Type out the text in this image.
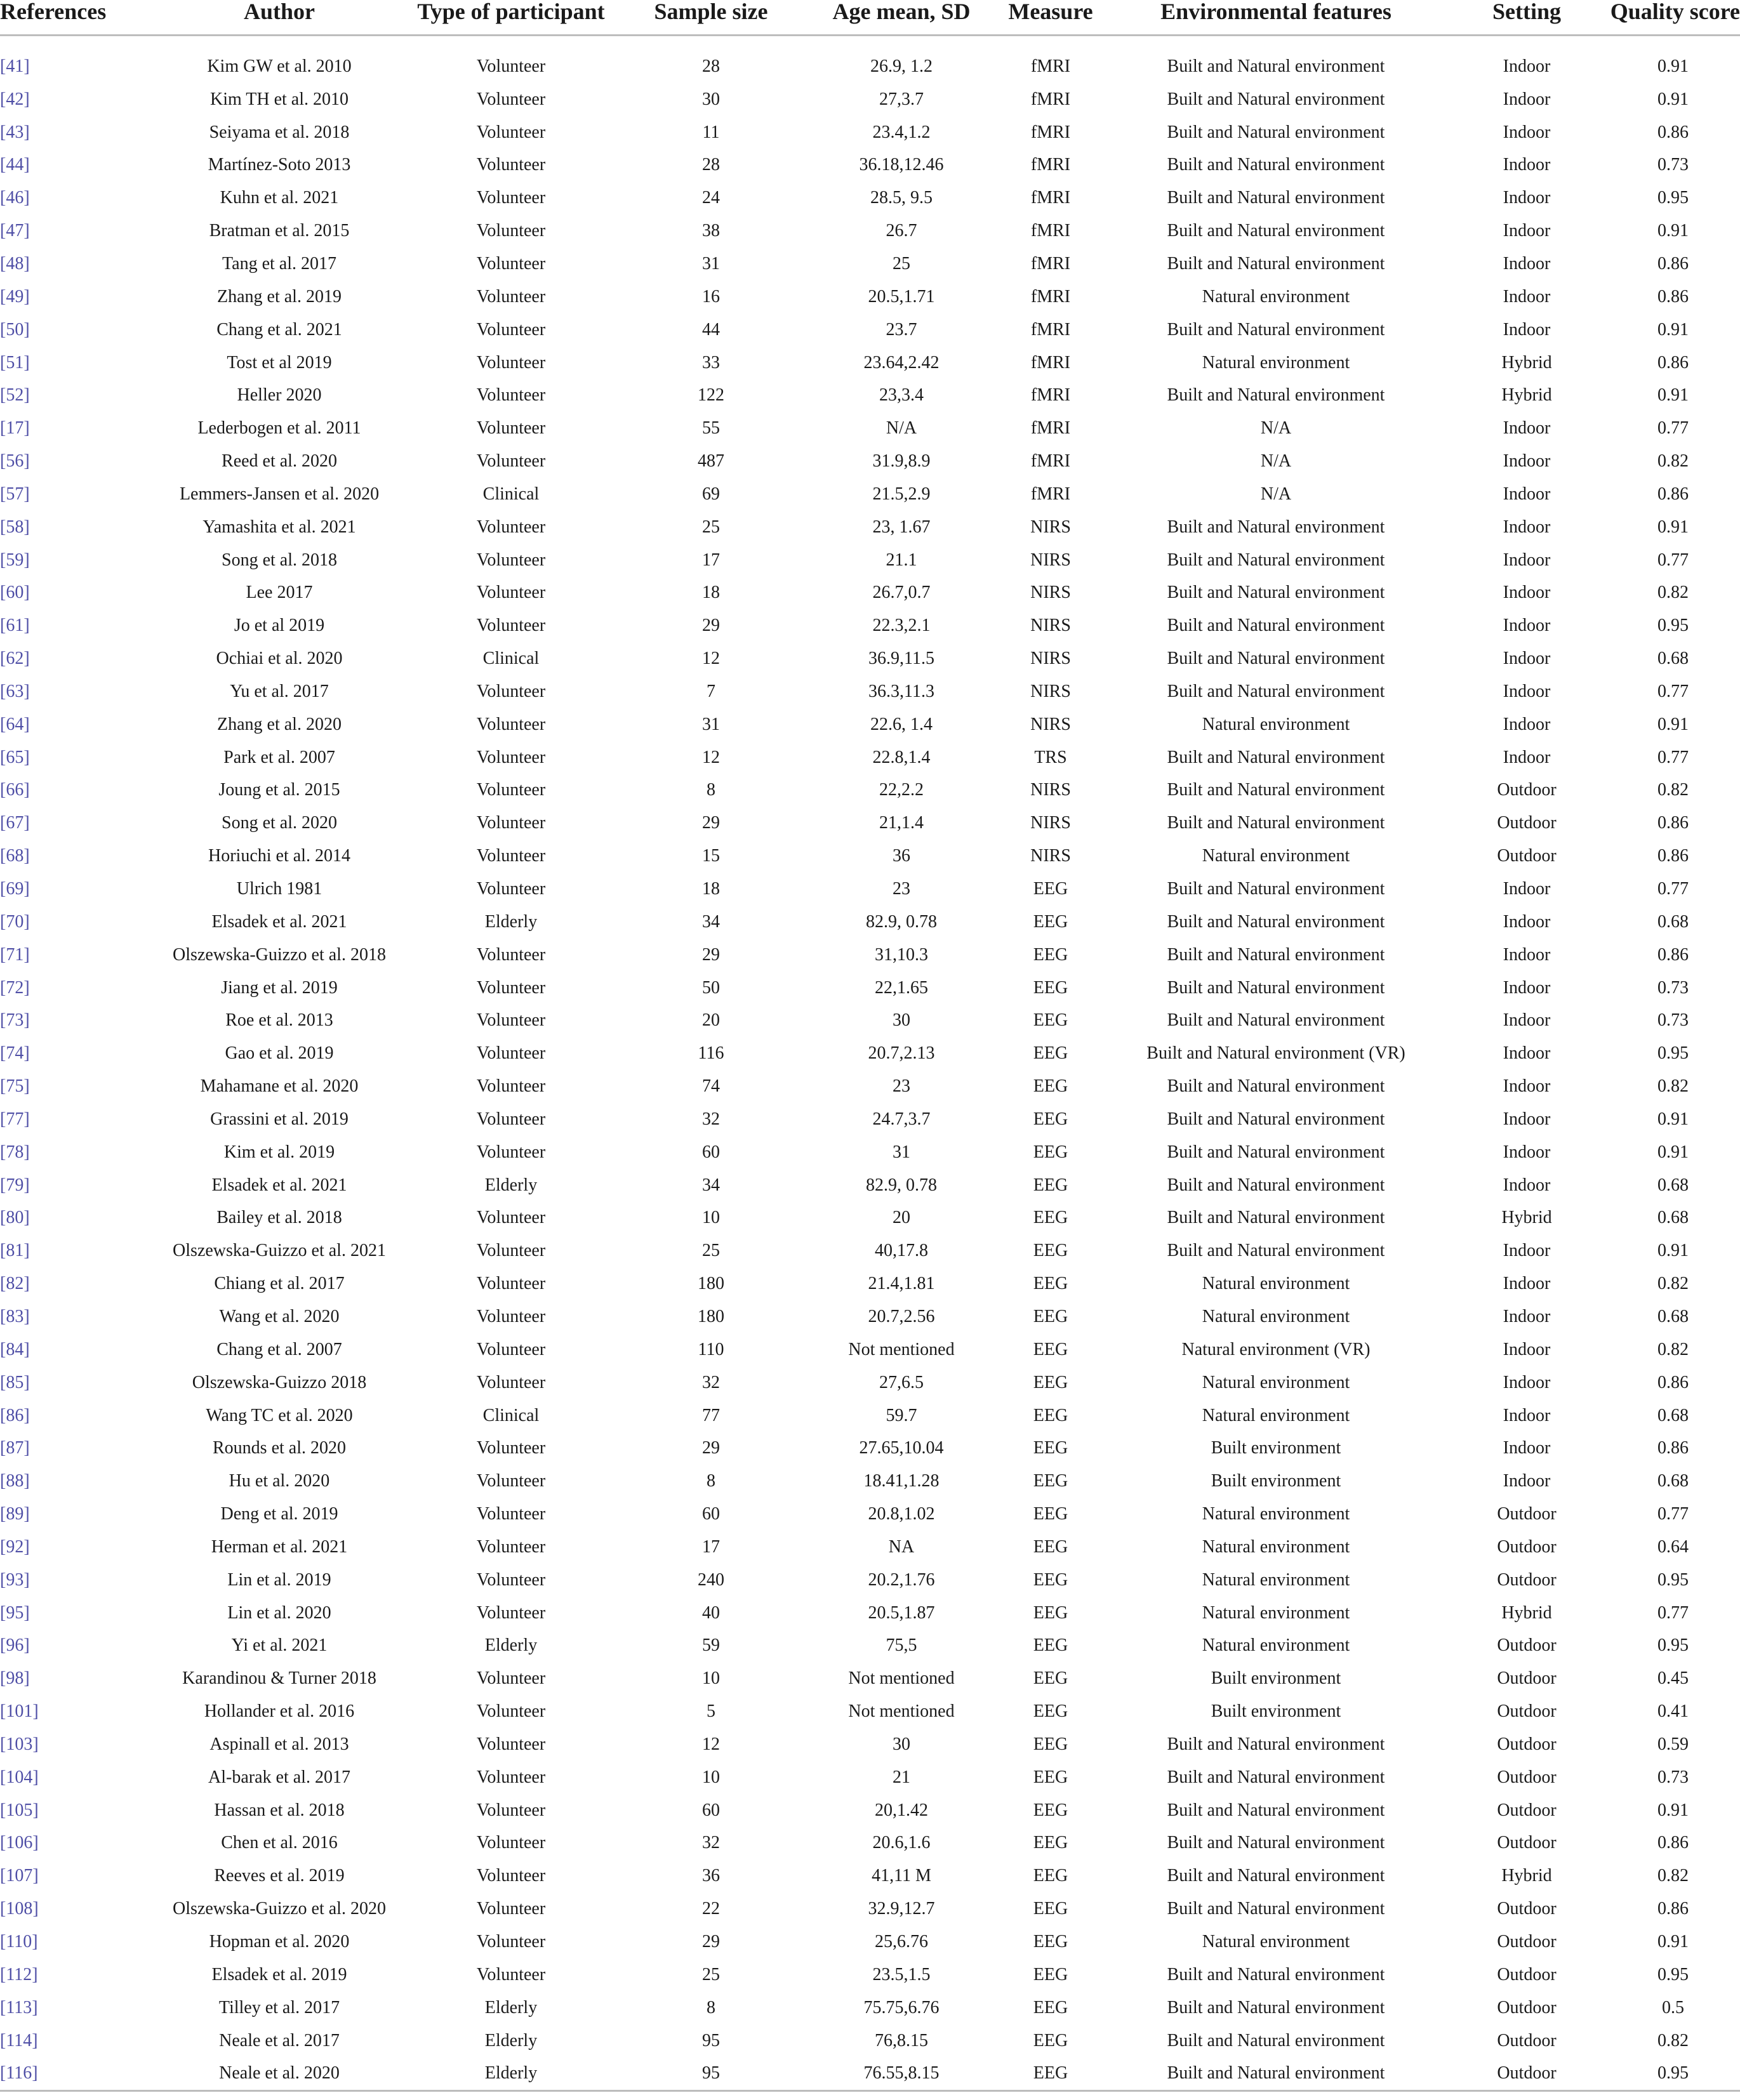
References	Author	Type of participant	Sample size	Age mean, SD	Measure	Environmental features	Setting	Quality score

[41]	Kim GW et al. 2010	Volunteer	28	26.9, 1.2	fMRI	Built and Natural environment	Indoor	0.91
[42]	Kim TH et al. 2010	Volunteer	30	27,3.7	fMRI	Built and Natural environment	Indoor	0.91
[43]	Seiyama et al. 2018	Volunteer	11	23.4,1.2	fMRI	Built and Natural environment	Indoor	0.86
[44]	Martínez-Soto 2013	Volunteer	28	36.18,12.46	fMRI	Built and Natural environment	Indoor	0.73
[46]	Kuhn et al. 2021	Volunteer	24	28.5, 9.5	fMRI	Built and Natural environment	Indoor	0.95
[47]	Bratman et al. 2015	Volunteer	38	26.7	fMRI	Built and Natural environment	Indoor	0.91
[48]	Tang et al. 2017	Volunteer	31	25	fMRI	Built and Natural environment	Indoor	0.86
[49]	Zhang et al. 2019	Volunteer	16	20.5,1.71	fMRI	Natural environment	Indoor	0.86
[50]	Chang et al. 2021	Volunteer	44	23.7	fMRI	Built and Natural environment	Indoor	0.91
[51]	Tost et al 2019	Volunteer	33	23.64,2.42	fMRI	Natural environment	Hybrid	0.86
[52]	Heller 2020	Volunteer	122	23,3.4	fMRI	Built and Natural environment	Hybrid	0.91
[17]	Lederbogen et al. 2011	Volunteer	55	N/A	fMRI	N/A	Indoor	0.77
[56]	Reed et al. 2020	Volunteer	487	31.9,8.9	fMRI	N/A	Indoor	0.82
[57]	Lemmers-Jansen et al. 2020	Clinical	69	21.5,2.9	fMRI	N/A	Indoor	0.86
[58]	Yamashita et al. 2021	Volunteer	25	23, 1.67	NIRS	Built and Natural environment	Indoor	0.91
[59]	Song et al. 2018	Volunteer	17	21.1	NIRS	Built and Natural environment	Indoor	0.77
[60]	Lee 2017	Volunteer	18	26.7,0.7	NIRS	Built and Natural environment	Indoor	0.82
[61]	Jo et al 2019	Volunteer	29	22.3,2.1	NIRS	Built and Natural environment	Indoor	0.95
[62]	Ochiai et al. 2020	Clinical	12	36.9,11.5	NIRS	Built and Natural environment	Indoor	0.68
[63]	Yu et al. 2017	Volunteer	7	36.3,11.3	NIRS	Built and Natural environment	Indoor	0.77
[64]	Zhang et al. 2020	Volunteer	31	22.6, 1.4	NIRS	Natural environment	Indoor	0.91
[65]	Park et al. 2007	Volunteer	12	22.8,1.4	TRS	Built and Natural environment	Indoor	0.77
[66]	Joung et al. 2015	Volunteer	8	22,2.2	NIRS	Built and Natural environment	Outdoor	0.82
[67]	Song et al. 2020	Volunteer	29	21,1.4	NIRS	Built and Natural environment	Outdoor	0.86
[68]	Horiuchi et al. 2014	Volunteer	15	36	NIRS	Natural environment	Outdoor	0.86
[69]	Ulrich 1981	Volunteer	18	23	EEG	Built and Natural environment	Indoor	0.77
[70]	Elsadek et al. 2021	Elderly	34	82.9, 0.78	EEG	Built and Natural environment	Indoor	0.68
[71]	Olszewska-Guizzo et al. 2018	Volunteer	29	31,10.3	EEG	Built and Natural environment	Indoor	0.86
[72]	Jiang et al. 2019	Volunteer	50	22,1.65	EEG	Built and Natural environment	Indoor	0.73
[73]	Roe et al. 2013	Volunteer	20	30	EEG	Built and Natural environment	Indoor	0.73
[74]	Gao et al. 2019	Volunteer	116	20.7,2.13	EEG	Built and Natural environment (VR)	Indoor	0.95
[75]	Mahamane et al. 2020	Volunteer	74	23	EEG	Built and Natural environment	Indoor	0.82
[77]	Grassini et al. 2019	Volunteer	32	24.7,3.7	EEG	Built and Natural environment	Indoor	0.91
[78]	Kim et al. 2019	Volunteer	60	31	EEG	Built and Natural environment	Indoor	0.91
[79]	Elsadek et al. 2021	Elderly	34	82.9, 0.78	EEG	Built and Natural environment	Indoor	0.68
[80]	Bailey et al. 2018	Volunteer	10	20	EEG	Built and Natural environment	Hybrid	0.68
[81]	Olszewska-Guizzo et al. 2021	Volunteer	25	40,17.8	EEG	Built and Natural environment	Indoor	0.91
[82]	Chiang et al. 2017	Volunteer	180	21.4,1.81	EEG	Natural environment	Indoor	0.82
[83]	Wang et al. 2020	Volunteer	180	20.7,2.56	EEG	Natural environment	Indoor	0.68
[84]	Chang et al. 2007	Volunteer	110	Not mentioned	EEG	Natural environment (VR)	Indoor	0.82
[85]	Olszewska-Guizzo 2018	Volunteer	32	27,6.5	EEG	Natural environment	Indoor	0.86
[86]	Wang TC et al. 2020	Clinical	77	59.7	EEG	Natural environment	Indoor	0.68
[87]	Rounds et al. 2020	Volunteer	29	27.65,10.04	EEG	Built environment	Indoor	0.86
[88]	Hu et al. 2020	Volunteer	8	18.41,1.28	EEG	Built environment	Indoor	0.68
[89]	Deng et al. 2019	Volunteer	60	20.8,1.02	EEG	Natural environment	Outdoor	0.77
[92]	Herman et al. 2021	Volunteer	17	NA	EEG	Natural environment	Outdoor	0.64
[93]	Lin et al. 2019	Volunteer	240	20.2,1.76	EEG	Natural environment	Outdoor	0.95
[95]	Lin et al. 2020	Volunteer	40	20.5,1.87	EEG	Natural environment	Hybrid	0.77
[96]	Yi et al. 2021	Elderly	59	75,5	EEG	Natural environment	Outdoor	0.95
[98]	Karandinou & Turner 2018	Volunteer	10	Not mentioned	EEG	Built environment	Outdoor	0.45
[101]	Hollander et al. 2016	Volunteer	5	Not mentioned	EEG	Built environment	Outdoor	0.41
[103]	Aspinall et al. 2013	Volunteer	12	30	EEG	Built and Natural environment	Outdoor	0.59
[104]	Al-barak et al. 2017	Volunteer	10	21	EEG	Built and Natural environment	Outdoor	0.73
[105]	Hassan et al. 2018	Volunteer	60	20,1.42	EEG	Built and Natural environment	Outdoor	0.91
[106]	Chen et al. 2016	Volunteer	32	20.6,1.6	EEG	Built and Natural environment	Outdoor	0.86
[107]	Reeves et al. 2019	Volunteer	36	41,11 M	EEG	Built and Natural environment	Hybrid	0.82
[108]	Olszewska-Guizzo et al. 2020	Volunteer	22	32.9,12.7	EEG	Built and Natural environment	Outdoor	0.86
[110]	Hopman et al. 2020	Volunteer	29	25,6.76	EEG	Natural environment	Outdoor	0.91
[112]	Elsadek et al. 2019	Volunteer	25	23.5,1.5	EEG	Built and Natural environment	Outdoor	0.95
[113]	Tilley et al. 2017	Elderly	8	75.75,6.76	EEG	Built and Natural environment	Outdoor	0.5
[114]	Neale et al. 2017	Elderly	95	76,8.15	EEG	Built and Natural environment	Outdoor	0.82
[116]	Neale et al. 2020	Elderly	95	76.55,8.15	EEG	Built and Natural environment	Outdoor	0.95
